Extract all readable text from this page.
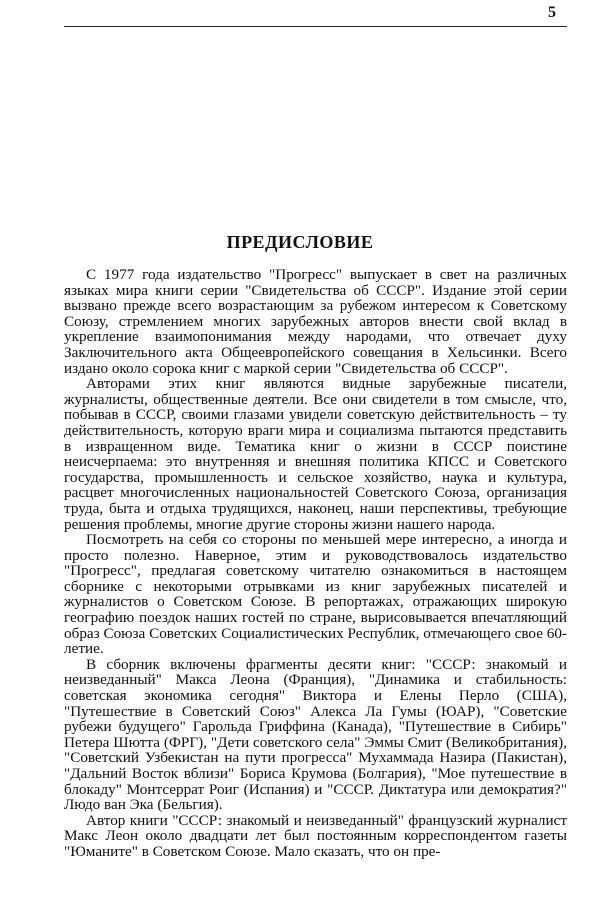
5
ПРЕДИСЛОВИЕ

С 1977 года издательство "Прогресс" выпускает в свет на различных языках мира книги серии "Свидетельства об СССР". Издание этой серии вызвано прежде всего возрастающим за рубежом интересом к Советскому Союзу, стремлением многих зарубежных авторов внести свой вклад в укрепление взаимопонимания между народами, что отвечает духу Заключительного акта Общеевропейского совещания в Хельсинки. Всего издано около сорока книг с маркой серии "Свидетельства об СССР".

Авторами этих книг являются видные зарубежные писатели, журналисты, общественные деятели. Все они свидетели в том смысле, что, побывав в СССР, своими глазами увидели советскую действительность – ту действительность, которую враги мира и социализма пытаются представить в извращенном виде. Тематика книг о жизни в СССР поистине неисчерпаема: это внутренняя и внешняя политика КПСС и Советского государства, промышленность и сельское хозяйство, наука и культура, расцвет многочисленных национальностей Советского Союза, организация труда, быта и отдыха трудящихся, наконец, наши перспективы, требующие решения проблемы, многие другие стороны жизни нашего народа.

Посмотреть на себя со стороны по меньшей мере интересно, а иногда и просто полезно. Наверное, этим и руководствовалось издательство "Прогресс", предлагая советскому читателю ознакомиться в настоящем сборнике с некоторыми отрывками из книг зарубежных писателей и журналистов о Советском Союзе. В репортажах, отражающих широкую географию поездок наших гостей по стране, вырисовывается впечатляющий образ Союза Советских Социалистических Республик, отмечающего свое 60-летие.

В сборник включены фрагменты десяти книг: "СССР: знакомый и неизведанный" Макса Леона (Франция), "Динамика и стабильность: советская экономика сегодня" Виктора и Елены Перло (США), "Путешествие в Советский Союз" Алекса Ла Гумы (ЮАР), "Советские рубежи будущего" Гарольда Гриффина (Канада), "Путешествие в Сибирь" Петера Шютта (ФРГ), "Дети советского села" Эммы Смит (Великобритания), "Советский Узбекистан на пути прогресса" Мухаммада Назира (Пакистан), "Дальний Восток вблизи" Бориса Крумова (Болгария), "Мое путешествие в блокаду" Монтсеррат Роиг (Испания) и "СССР. Диктатура или демократия?" Людо ван Эка (Бельгия).

Автор книги "СССР: знакомый и неизведанный" французский журналист Макс Леон около двадцати лет был постоянным корреспондентом газеты "Юманите" в Советском Союзе. Мало сказать, что он пре-
